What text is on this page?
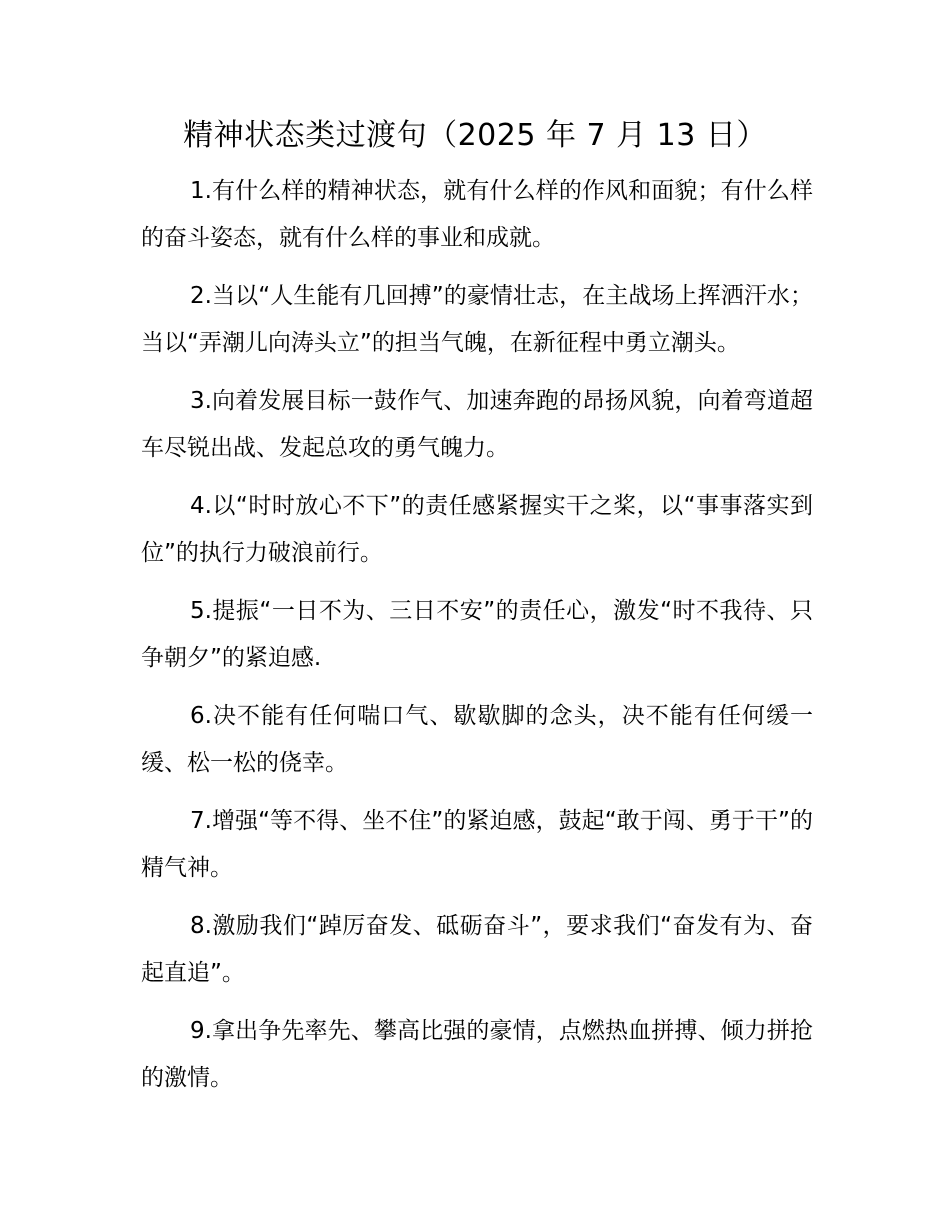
精神状态类过渡句（2025 年 7 月 13 日）

1.有什么样的精神状态，就有什么样的作风和面貌；有什么样的奋斗姿态，就有什么样的事业和成就。

2.当以“人生能有几回搏”的豪情壮志，在主战场上挥洒汗水；当以“弄潮儿向涛头立”的担当气魄，在新征程中勇立潮头。

3.向着发展目标一鼓作气、加速奔跑的昂扬风貌，向着弯道超车尽锐出战、发起总攻的勇气魄力。

4.以“时时放心不下”的责任感紧握实干之桨，以“事事落实到位”的执行力破浪前行。

5.提振“一日不为、三日不安”的责任心，激发“时不我待、只争朝夕”的紧迫感.

6.决不能有任何喘口气、歇歇脚的念头，决不能有任何缓一缓、松一松的侥幸。

7.增强“等不得、坐不住”的紧迫感，鼓起“敢于闯、勇于干”的精气神。

8.激励我们“踔厉奋发、砥砺奋斗”，要求我们“奋发有为、奋起直追”。

9.拿出争先率先、攀高比强的豪情，点燃热血拼搏、倾力拼抢的激情。
